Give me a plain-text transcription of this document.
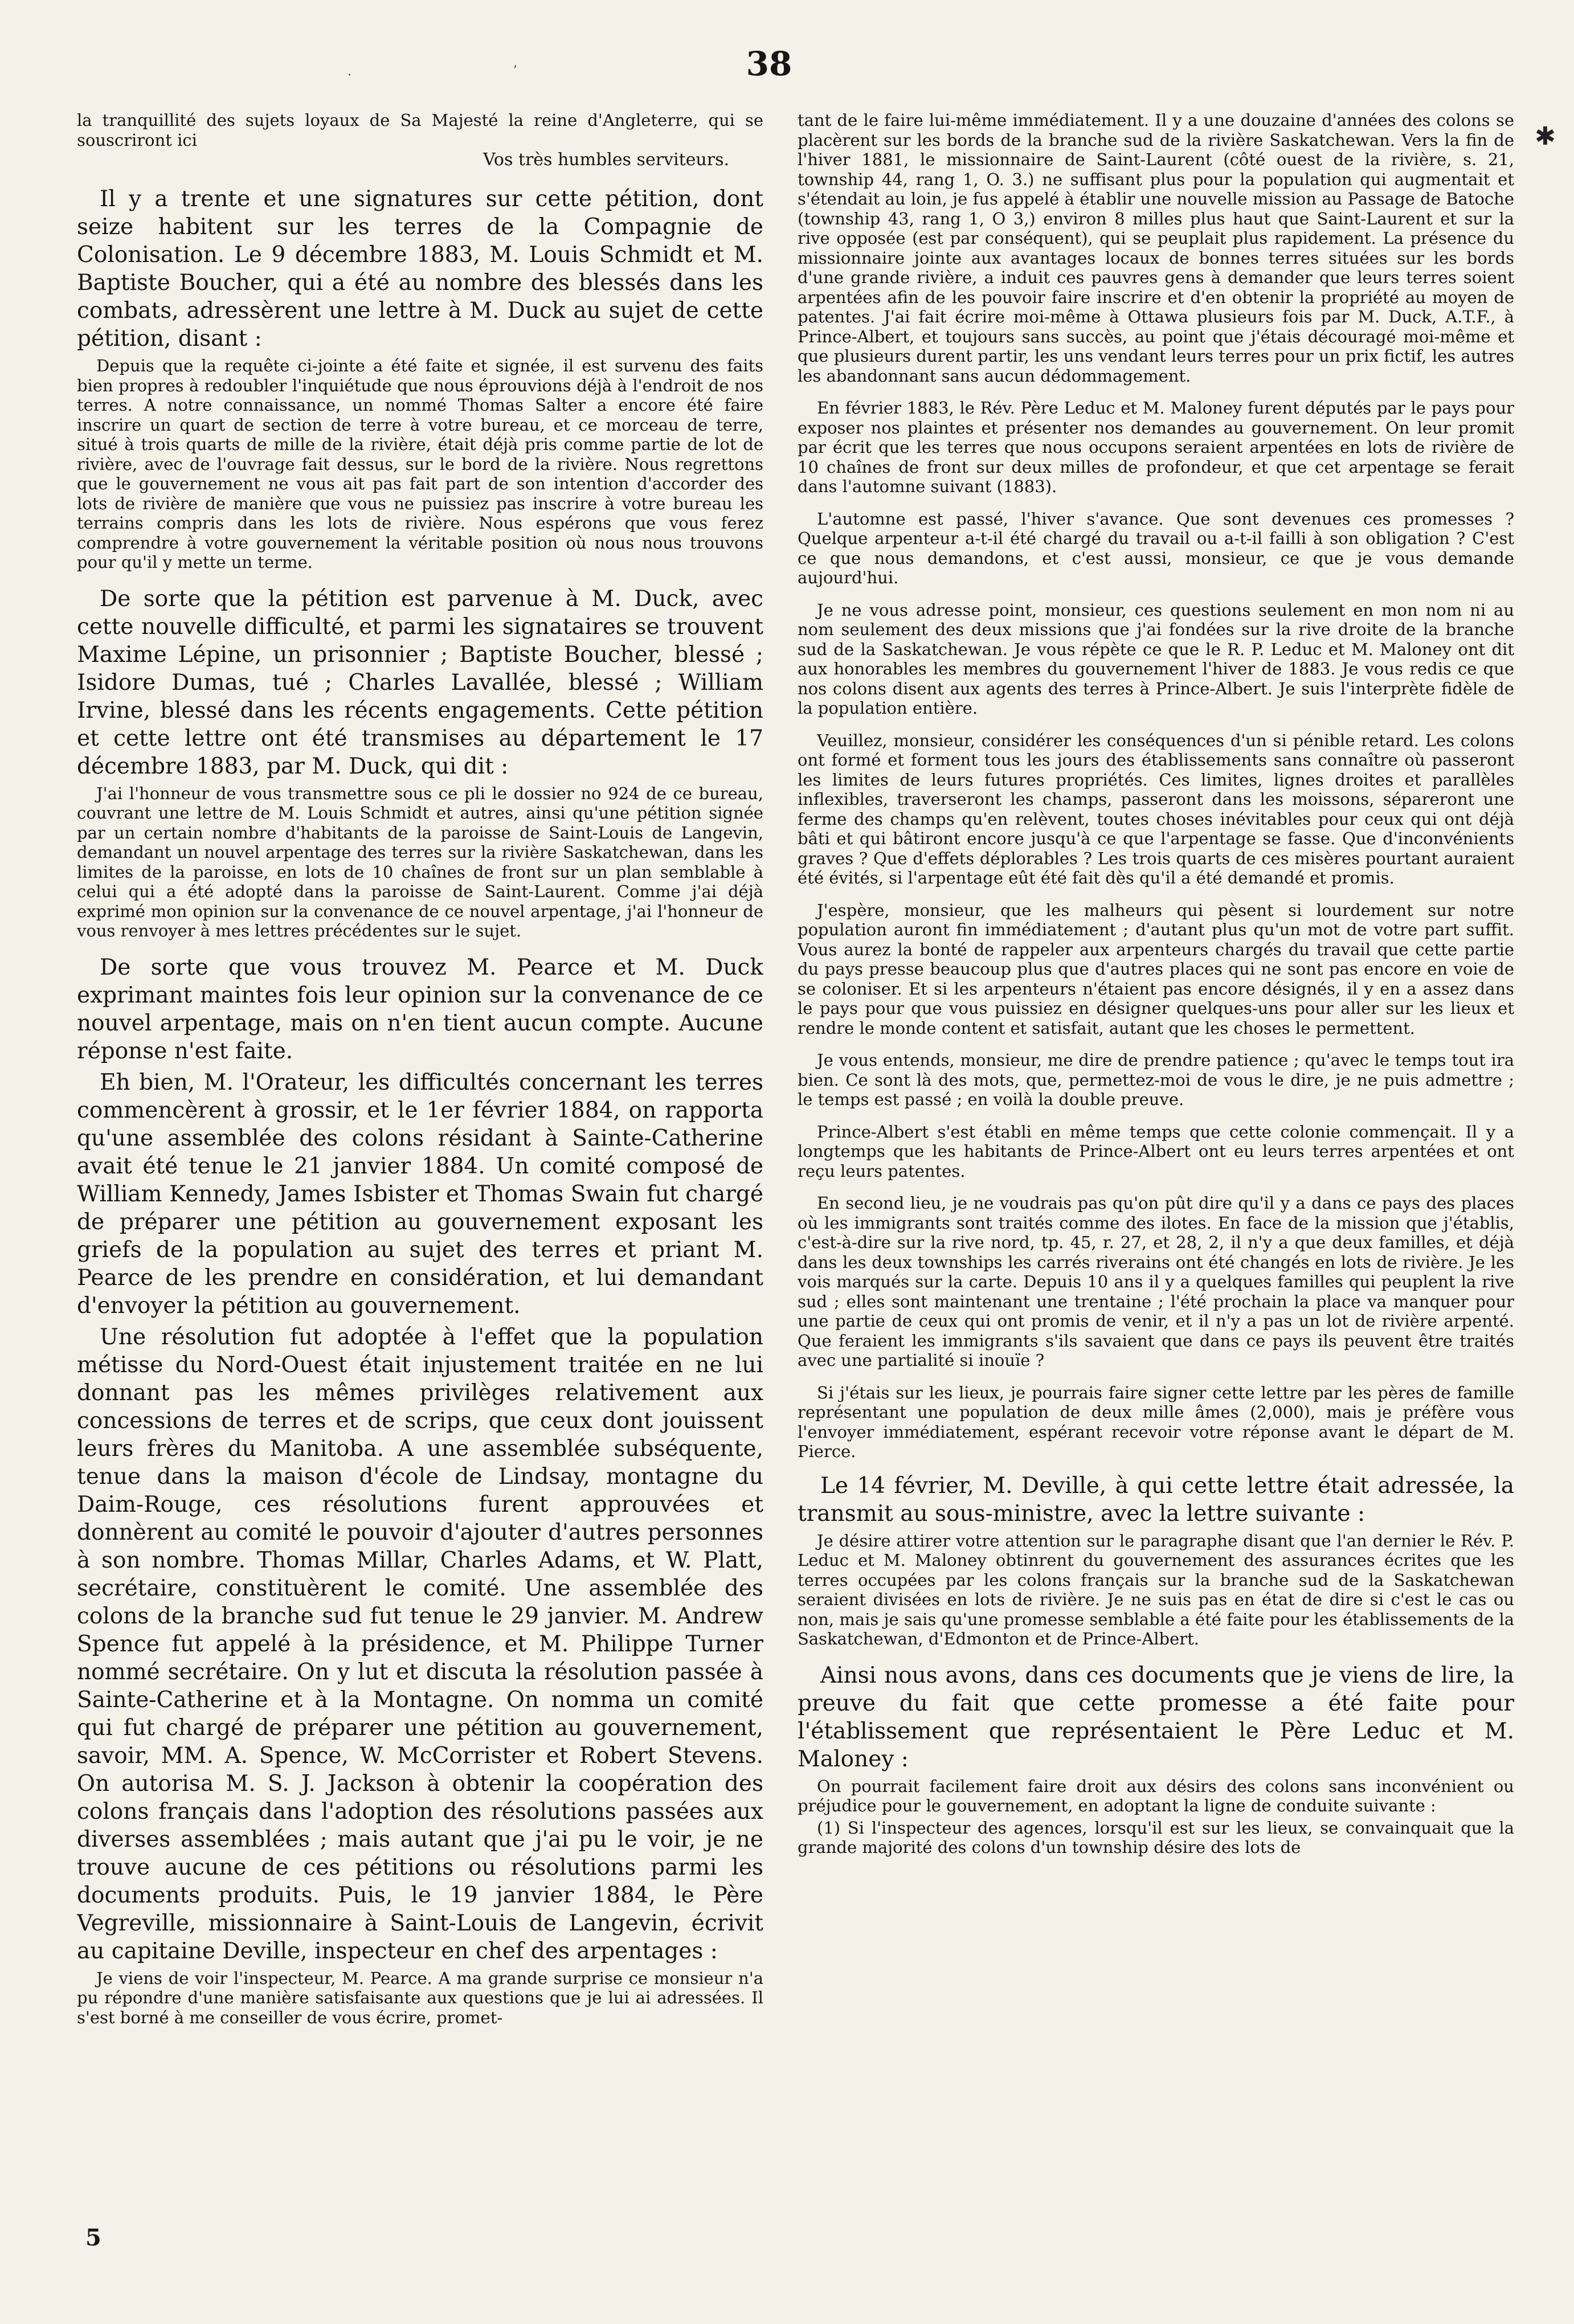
38
✱
·	ʼ

la tranquillité des sujets loyaux de Sa Majesté la reine d'Angleterre, qui se souscriront ici

Vos très humbles serviteurs.

Il y a trente et une signatures sur cette pétition, dont seize habitent sur les terres de la Compagnie de Colonisation. Le 9 décembre 1883, M. Louis Schmidt et M. Baptiste Boucher, qui a été au nombre des blessés dans les combats, adressèrent une lettre à M. Duck au sujet de cette pétition, disant :

Depuis que la requête ci-jointe a été faite et signée, il est survenu des faits bien propres à redoubler l'inquiétude que nous éprouvions déjà à l'endroit de nos terres. A notre connaissance, un nommé Thomas Salter a encore été faire inscrire un quart de section de terre à votre bureau, et ce morceau de terre, situé à trois quarts de mille de la rivière, était déjà pris comme partie de lot de rivière, avec de l'ouvrage fait dessus, sur le bord de la rivière. Nous regrettons que le gouvernement ne vous ait pas fait part de son intention d'accorder des lots de rivière de manière que vous ne puissiez pas inscrire à votre bureau les terrains compris dans les lots de rivière. Nous espérons que vous ferez comprendre à votre gouvernement la véritable position où nous nous trouvons pour qu'il y mette un terme.

De sorte que la pétition est parvenue à M. Duck, avec cette nouvelle difficulté, et parmi les signataires se trouvent Maxime Lépine, un prisonnier ; Baptiste Boucher, blessé ; Isidore Dumas, tué ; Charles Lavallée, blessé ; William Irvine, blessé dans les récents engagements. Cette pétition et cette lettre ont été transmises au département le 17 décembre 1883, par M. Duck, qui dit :

J'ai l'honneur de vous transmettre sous ce pli le dossier no 924 de ce bureau, couvrant une lettre de M. Louis Schmidt et autres, ainsi qu'une pétition signée par un certain nombre d'habitants de la paroisse de Saint-Louis de Langevin, demandant un nouvel arpentage des terres sur la rivière Saskatchewan, dans les limites de la paroisse, en lots de 10 chaînes de front sur un plan semblable à celui qui a été adopté dans la paroisse de Saint-Laurent. Comme j'ai déjà exprimé mon opinion sur la convenance de ce nouvel arpentage, j'ai l'honneur de vous renvoyer à mes lettres précédentes sur le sujet.

De sorte que vous trouvez M. Pearce et M. Duck exprimant maintes fois leur opinion sur la convenance de ce nouvel arpentage, mais on n'en tient aucun compte. Aucune réponse n'est faite.

Eh bien, M. l'Orateur, les difficultés concernant les terres commencèrent à grossir, et le 1er février 1884, on rapporta qu'une assemblée des colons résidant à Sainte-Catherine avait été tenue le 21 janvier 1884. Un comité composé de William Kennedy, James Isbister et Thomas Swain fut chargé de préparer une pétition au gouvernement exposant les griefs de la population au sujet des terres et priant M. Pearce de les prendre en considération, et lui demandant d'envoyer la pétition au gouvernement.

Une résolution fut adoptée à l'effet que la population métisse du Nord-Ouest était injustement traitée en ne lui donnant pas les mêmes privilèges relativement aux concessions de terres et de scrips, que ceux dont jouissent leurs frères du Manitoba. A une assemblée subséquente, tenue dans la maison d'école de Lindsay, montagne du Daim-Rouge, ces résolutions furent approuvées et donnèrent au comité le pouvoir d'ajouter d'autres personnes à son nombre. Thomas Millar, Charles Adams, et W. Platt, secrétaire, constituèrent le comité. Une assemblée des colons de la branche sud fut tenue le 29 janvier. M. Andrew Spence fut appelé à la présidence, et M. Philippe Turner nommé secrétaire. On y lut et discuta la résolution passée à Sainte-Catherine et à la Montagne. On nomma un comité qui fut chargé de préparer une pétition au gouvernement, savoir, MM. A. Spence, W. McCorrister et Robert Stevens. On autorisa M. S. J. Jackson à obtenir la coopération des colons français dans l'adoption des résolutions passées aux diverses assemblées ; mais autant que j'ai pu le voir, je ne trouve aucune de ces pétitions ou résolutions parmi les documents produits. Puis, le 19 janvier 1884, le Père Vegreville, missionnaire à Saint-Louis de Langevin, écrivit au capitaine Deville, inspecteur en chef des arpentages :

Je viens de voir l'inspecteur, M. Pearce. A ma grande surprise ce monsieur n'a pu répondre d'une manière satisfaisante aux questions que je lui ai adressées. Il s'est borné à me conseiller de vous écrire, promet-

tant de le faire lui-même immédiatement. Il y a une douzaine d'années des colons se placèrent sur les bords de la branche sud de la rivière Saskatchewan. Vers la fin de l'hiver 1881, le missionnaire de Saint-Laurent (côté ouest de la rivière, s. 21, township 44, rang 1, O. 3.) ne suffisant plus pour la population qui augmentait et s'étendait au loin, je fus appelé à établir une nouvelle mission au Passage de Batoche (township 43, rang 1, O 3,) environ 8 milles plus haut que Saint-Laurent et sur la rive opposée (est par conséquent), qui se peuplait plus rapidement. La présence du missionnaire jointe aux avantages locaux de bonnes terres situées sur les bords d'une grande rivière, a induit ces pauvres gens à demander que leurs terres soient arpentées afin de les pouvoir faire inscrire et d'en obtenir la propriété au moyen de patentes. J'ai fait écrire moi-même à Ottawa plusieurs fois par M. Duck, A.T.F., à Prince-Albert, et toujours sans succès, au point que j'étais découragé moi-même et que plusieurs durent partir, les uns vendant leurs terres pour un prix fictif, les autres les abandonnant sans aucun dédommagement.

En février 1883, le Rév. Père Leduc et M. Maloney furent députés par le pays pour exposer nos plaintes et présenter nos demandes au gouvernement. On leur promit par écrit que les terres que nous occupons seraient arpentées en lots de rivière de 10 chaînes de front sur deux milles de profondeur, et que cet arpentage se ferait dans l'automne suivant (1883).

L'automne est passé, l'hiver s'avance. Que sont devenues ces promesses ? Quelque arpenteur a-t-il été chargé du travail ou a-t-il failli à son obligation ? C'est ce que nous demandons, et c'est aussi, monsieur, ce que je vous demande aujourd'hui.

Je ne vous adresse point, monsieur, ces questions seulement en mon nom ni au nom seulement des deux missions que j'ai fondées sur la rive droite de la branche sud de la Saskatchewan. Je vous répète ce que le R. P. Leduc et M. Maloney ont dit aux honorables les membres du gouvernement l'hiver de 1883. Je vous redis ce que nos colons disent aux agents des terres à Prince-Albert. Je suis l'interprète fidèle de la population entière.

Veuillez, monsieur, considérer les conséquences d'un si pénible retard. Les colons ont formé et forment tous les jours des établissements sans connaître où passeront les limites de leurs futures propriétés. Ces limites, lignes droites et parallèles inflexibles, traverseront les champs, passeront dans les moissons, sépareront une ferme des champs qu'en relèvent, toutes choses inévitables pour ceux qui ont déjà bâti et qui bâtiront encore jusqu'à ce que l'arpentage se fasse. Que d'inconvénients graves ? Que d'effets déplorables ? Les trois quarts de ces misères pourtant auraient été évités, si l'arpentage eût été fait dès qu'il a été demandé et promis.

J'espère, monsieur, que les malheurs qui pèsent si lourdement sur notre population auront fin immédiatement ; d'autant plus qu'un mot de votre part suffit. Vous aurez la bonté de rappeler aux arpenteurs chargés du travail que cette partie du pays presse beaucoup plus que d'autres places qui ne sont pas encore en voie de se coloniser. Et si les arpenteurs n'étaient pas encore désignés, il y en a assez dans le pays pour que vous puissiez en désigner quelques-uns pour aller sur les lieux et rendre le monde content et satisfait, autant que les choses le permettent.

Je vous entends, monsieur, me dire de prendre patience ; qu'avec le temps tout ira bien. Ce sont là des mots, que, permettez-moi de vous le dire, je ne puis admettre ; le temps est passé ; en voilà la double preuve.

Prince-Albert s'est établi en même temps que cette colonie commençait. Il y a longtemps que les habitants de Prince-Albert ont eu leurs terres arpentées et ont reçu leurs patentes.

En second lieu, je ne voudrais pas qu'on pût dire qu'il y a dans ce pays des places où les immigrants sont traités comme des ilotes. En face de la mission que j'établis, c'est-à-dire sur la rive nord, tp. 45, r. 27, et 28, 2, il n'y a que deux familles, et déjà dans les deux townships les carrés riverains ont été changés en lots de rivière. Je les vois marqués sur la carte. Depuis 10 ans il y a quelques familles qui peuplent la rive sud ; elles sont maintenant une trentaine ; l'été prochain la place va manquer pour une partie de ceux qui ont promis de venir, et il n'y a pas un lot de rivière arpenté. Que feraient les immigrants s'ils savaient que dans ce pays ils peuvent être traités avec une partialité si inouïe ?

Si j'étais sur les lieux, je pourrais faire signer cette lettre par les pères de famille représentant une population de deux mille âmes (2,000), mais je préfère vous l'envoyer immédiatement, espérant recevoir votre réponse avant le départ de M. Pierce.

Le 14 février, M. Deville, à qui cette lettre était adressée, la transmit au sous-ministre, avec la lettre suivante :

Je désire attirer votre attention sur le paragraphe disant que l'an dernier le Rév. P. Leduc et M. Maloney obtinrent du gouvernement des assurances écrites que les terres occupées par les colons français sur la branche sud de la Saskatchewan seraient divisées en lots de rivière. Je ne suis pas en état de dire si c'est le cas ou non, mais je sais qu'une promesse semblable a été faite pour les établissements de la Saskatchewan, d'Edmonton et de Prince-Albert.

Ainsi nous avons, dans ces documents que je viens de lire, la preuve du fait que cette promesse a été faite pour l'établissement que représentaient le Père Leduc et M. Maloney :

On pourrait facilement faire droit aux désirs des colons sans inconvénient ou préjudice pour le gouvernement, en adoptant la ligne de conduite suivante :

(1) Si l'inspecteur des agences, lorsqu'il est sur les lieux, se convainquait que la grande majorité des colons d'un township désire des lots de

5
